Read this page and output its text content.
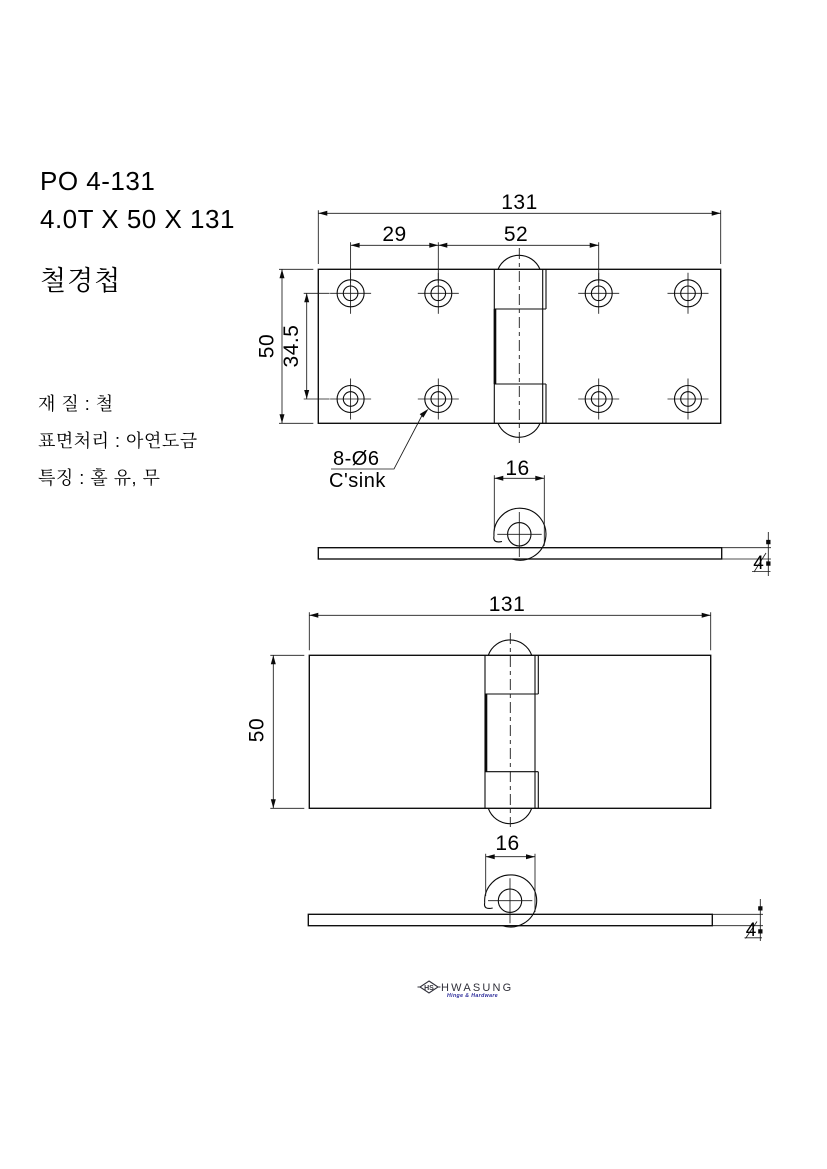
PO 4-131
4.0T X 50 X 131
철경첩
재 질 : 철
표면처리 : 아연도금
특징 : 홀 유, 무
131
29	52
50 34.5
8-Ø6
C'sink
16
4
131
50
16
4
HS HWASUNG
Hinge & Hardware
